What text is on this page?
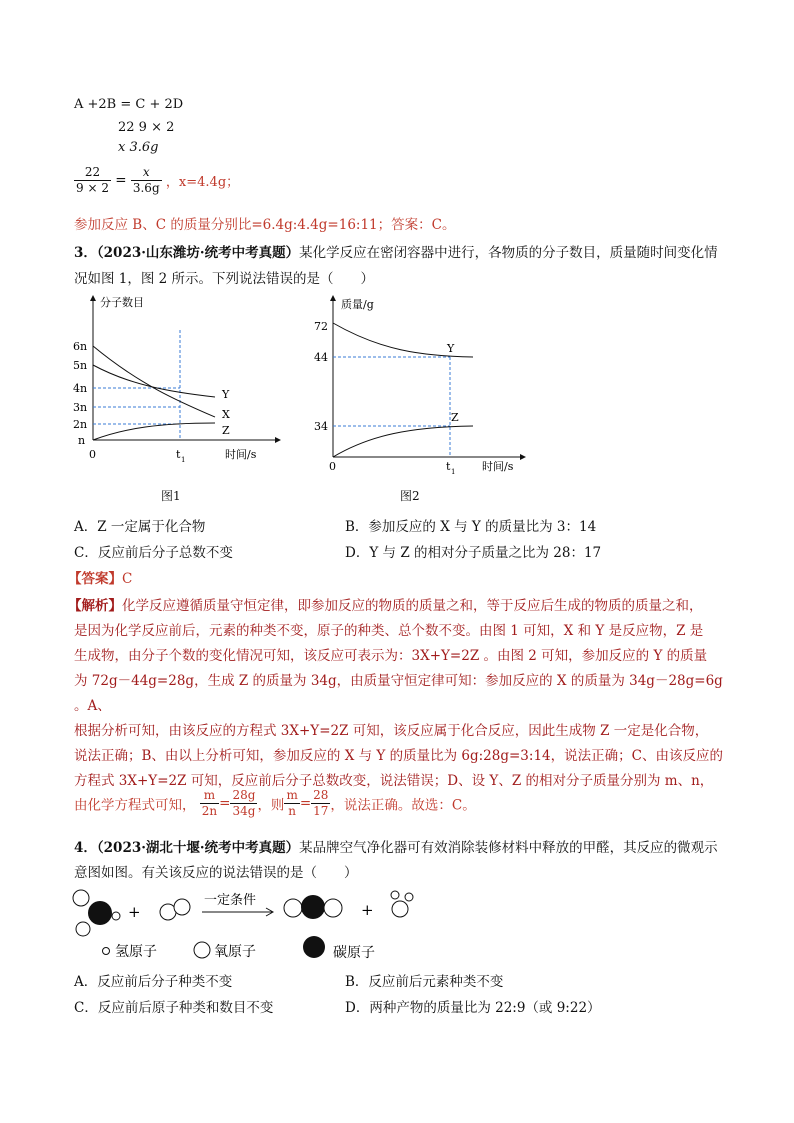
A +2B = C + 2D
22 9 × 2
x 3.6g
$\frac{22}{9 \times 2} = \frac{x}{3.6g}$ ，x=4.4g；
参加反应 B、C 的质量分别比=6.4g:4.4g=16:11；答案：C。
3．（2023·山东潍坊·统考中考真题）某化学反应在密闭容器中进行，各物质的分子数目，质量随时间变化情
况如图 1，图 2 所示。下列说法错误的是（　　）
分子数目
6n
5n
4n
3n
2n
n
0	t 1	时间/s
Y
X
Z
图1
质量/g
72
44
34
0	t 1 时间/s
Y
Z
图2
A．Z 一定属于化合物	B．参加反应的 X 与 Y 的质量比为 3：14
C．反应前后分子总数不变	D．Y 与 Z 的相对分子质量之比为 28：17
【答案】C
【解析】化学反应遵循质量守恒定律，即参加反应的物质的质量之和，等于反应后生成的物质的质量之和，
是因为化学反应前后，元素的种类不变，原子的种类、总个数不变。由图 1 可知，X 和 Y 是反应物，Z 是
生成物，由分子个数的变化情况可知，该反应可表示为：3X+Y=2Z 。由图 2 可知，参加反应的 Y 的质量
为 72g－44g=28g，生成 Z 的质量为 34g，由质量守恒定律可知：参加反应的 X 的质量为 34g－28g=6g 。A、
根据分析可知，由该反应的方程式 3X+Y=2Z 可知，该反应属于化合反应，因此生成物 Z 一定是化合物，
说法正确；B、由以上分析可知，参加反应的 X 与 Y 的质量比为 6g:28g=3:14，说法正确；C、由该反应的
方程式 3X+Y=2Z 可知，反应前后分子总数改变，说法错误；D、设 Y、Z 的相对分子质量分别为 m、n，
由化学方程式可知， $\frac{m}{2n} = \frac{28g}{34g}$ ，则 $\frac{m}{n} = \frac{28}{17}$ ，说法正确。故选：C。
4．（2023·湖北十堰·统考中考真题）某品牌空气净化器可有效消除装修材料中释放的甲醛，其反应的微观示
意图如图。有关该反应的说法错误的是（　　）
+
一定条件
+
氢原子	氧原子	碳原子
A．反应前后分子种类不变	B．反应前后元素种类不变
C．反应前后原子种类和数目不变	D．两种产物的质量比为 22:9（或 9:22）
